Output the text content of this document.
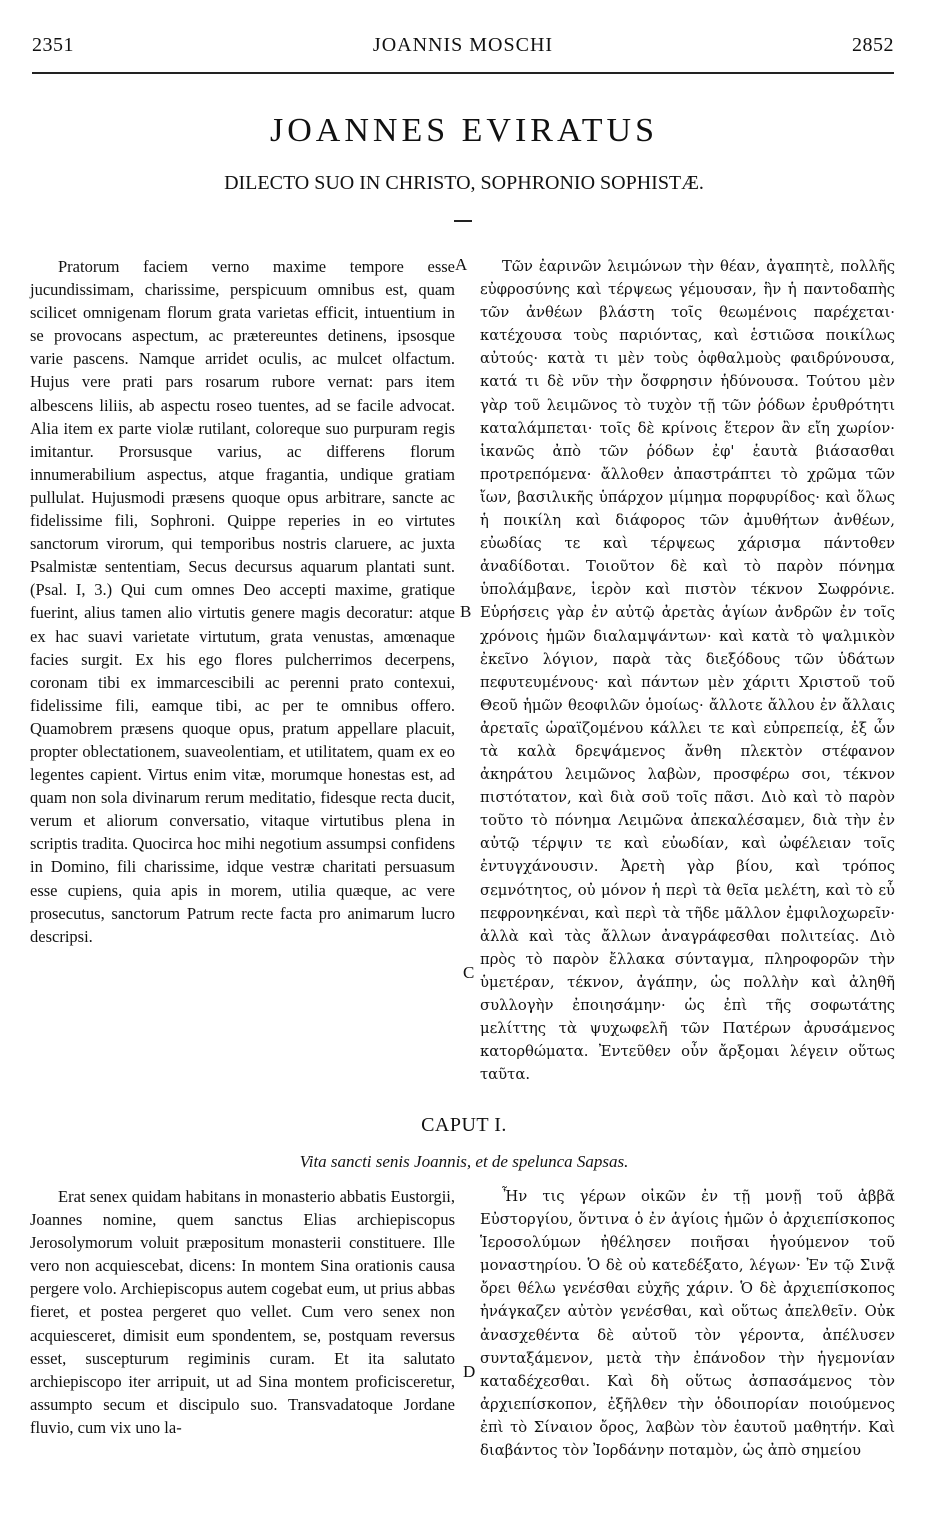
2351	JOANNIS MOSCHI	2852
JOANNES EVIRATUS
DILECTO SUO IN CHRISTO, SOPHRONIO SOPHISTÆ.

Pratorum faciem verno maxime tempore esse jucundissimam, charissime, perspicuum omnibus est, quam scilicet omnigenam florum grata varietas efficit, intuentium in se provocans aspectum, ac prætereuntes detinens, ipsosque varie pascens. Namque arridet oculis, ac mulcet olfactum. Hujus vere prati pars rosarum rubore vernat: pars item albescens liliis, ab aspectu roseo tuentes, ad se facile advocat. Alia item ex parte violæ rutilant, coloreque suo purpuram regis imitantur. Prorsusque varius, ac differens florum innumerabilium aspectus, atque fragantia, undique gratiam pullulat. Hujusmodi præsens quoque opus arbitrare, sancte ac fidelissime fili, Sophroni. Quippe reperies in eo virtutes sanctorum virorum, qui temporibus nostris claruere, ac juxta Psalmistæ sententiam, Secus decursus aquarum plantati sunt. (Psal. I, 3.) Qui cum omnes Deo accepti maxime, gratique fuerint, alius tamen alio virtutis genere magis decoratur: atque ex hac suavi varietate virtutum, grata venustas, amœnaque facies surgit. Ex his ego flores pulcherrimos decerpens, coronam tibi ex immarcescibili ac perenni prato contexui, fidelissime fili, eamque tibi, ac per te omnibus offero. Quamobrem præsens quoque opus, pratum appellare placuit, propter oblectationem, suaveolentiam, et utilitatem, quam ex eo legentes capient. Virtus enim vitæ, morumque honestas est, ad quam non sola divinarum rerum meditatio, fidesque recta ducit, verum et aliorum conversatio, vitaque virtutibus plena in scriptis tradita. Quocirca hoc mihi negotium assumpsi confidens in Domino, fili charissime, idque vestræ charitati persuasum esse cupiens, quia apis in morem, utilia quæque, ac vere prosecutus, sanctorum Patrum recte facta pro animarum lucro descripsi.

Τῶν ἐαρινῶν λειμώνων τὴν θέαν, ἀγαπητὲ, πολλῆς εὐφροσύνης καὶ τέρψεως γέμουσαν, ἣν ἡ παντοδαπὴς τῶν ἀνθέων βλάστη τοῖς θεωμένοις παρέχεται· κατέχουσα τοὺς παριόντας, καὶ ἑστιῶσα ποικίλως αὐτούς· κατὰ τι μὲν τοὺς ὀφθαλμοὺς φαιδρύνουσα, κατά τι δὲ νῦν τὴν ὄσφρησιν ἡδύνουσα. Τούτου μὲν γὰρ τοῦ λειμῶνος τὸ τυχὸν τῇ τῶν ῥόδων ἐρυθρότητι καταλάμπεται· τοῖς δὲ κρίνοις ἕτερον ἂν εἴη χωρίον· ἱκανῶς ἀπὸ τῶν ῥόδων ἐφ' ἑαυτὰ βιάσασθαι προτρεπόμενα· ἄλλοθεν ἀπαστράπτει τὸ χρῶμα τῶν ἴων, βασιλικῆς ὑπάρχον μίμημα πορφυρίδος· καὶ ὅλως ἡ ποικίλη καὶ διάφορος τῶν ἀμυθήτων ἀνθέων, εὐωδίας τε καὶ τέρψεως χάρισμα πάντοθεν ἀναδίδοται. Τοιοῦτον δὲ καὶ τὸ παρὸν πόνημα ὑπολάμβανε, ἱερὸν καὶ πιστὸν τέκνον Σωφρόνιε. Εὑρήσεις γὰρ ἐν αὐτῷ ἀρετὰς ἁγίων ἀνδρῶν ἐν τοῖς χρόνοις ἡμῶν διαλαμψάντων· καὶ κατὰ τὸ ψαλμικὸν ἐκεῖνο λόγιον, παρὰ τὰς διεξόδους τῶν ὑδάτων πεφυτευμένους· καὶ πάντων μὲν χάριτι Χριστοῦ τοῦ Θεοῦ ἡμῶν θεοφιλῶν ὁμοίως· ἄλλοτε ἄλλου ἐν ἄλλαις ἀρεταῖς ὡραϊζομένου κάλλει τε καὶ εὐπρεπείᾳ, ἐξ ὧν τὰ καλὰ δρεψάμενος ἄνθη πλεκτὸν στέφανον ἀκηράτου λειμῶνος λαβὼν, προσφέρω σοι, τέκνον πιστότατον, καὶ διὰ σοῦ τοῖς πᾶσι. Διὸ καὶ τὸ παρὸν τοῦτο τὸ πόνημα Λειμῶνα ἀπεκαλέσαμεν, διὰ τὴν ἐν αὐτῷ τέρψιν τε καὶ εὐωδίαν, καὶ ὠφέλειαν τοῖς ἐντυγχάνουσιν. Ἀρετὴ γὰρ βίου, καὶ τρόπος σεμνότητος, οὐ μόνον ἡ περὶ τὰ θεῖα μελέτη, καὶ τὸ εὖ πεφρονηκέναι, καὶ περὶ τὰ τῆδε μᾶλλον ἐμφιλοχωρεῖν· ἀλλὰ καὶ τὰς ἄλλων ἀναγράφεσθαι πολιτείας. Διὸ πρὸς τὸ παρὸν ἔλλακα σύνταγμα, πληροφορῶν τὴν ὑμετέραν, τέκνον, ἀγάπην, ὡς πολλὴν καὶ ἀληθῆ συλλογὴν ἐποιησάμην· ὡς ἐπὶ τῆς σοφωτάτης μελίττης τὰ ψυχωφελῆ τῶν Πατέρων ἀρυσάμενος κατορθώματα. Ἐντεῦθεν οὖν ἄρξομαι λέγειν οὕτως ταῦτα.

A
B
C
D
CAPUT I.
Vita sancti senis Joannis, et de spelunca Sapsas.

Erat senex quidam habitans in monasterio abbatis Eustorgii, Joannes nomine, quem sanctus Elias archiepiscopus Jerosolymorum voluit præpositum monasterii constituere. Ille vero non acquiescebat, dicens: In montem Sina orationis causa pergere volo. Archiepiscopus autem cogebat eum, ut prius abbas fieret, et postea pergeret quo vellet. Cum vero senex non acquiesceret, dimisit eum spondentem, se, postquam reversus esset, suscepturum regiminis curam. Et ita salutato archiepiscopo iter arripuit, ut ad Sina montem proficisceretur, assumpto secum et discipulo suo. Transvadatoque Jordane fluvio, cum vix uno la-

Ἦν τις γέρων οἰκῶν ἐν τῇ μονῇ τοῦ ἀββᾶ Εὐστοργίου, ὅντινα ὁ ἐν ἁγίοις ἡμῶν ὁ ἀρχιεπίσκοπος Ἱεροσολύμων ἠθέλησεν ποιῆσαι ἡγούμενον τοῦ μοναστηρίου. Ὁ δὲ οὐ κατεδέξατο, λέγων· Ἐν τῷ Σινᾷ ὄρει θέλω γενέσθαι εὐχῆς χάριν. Ὁ δὲ ἀρχιεπίσκοπος ἠνάγκαζεν αὐτὸν γενέσθαι, καὶ οὕτως ἀπελθεῖν. Οὐκ ἀνασχεθέντα δὲ αὐτοῦ τὸν γέροντα, ἀπέλυσεν συνταξάμενον, μετὰ τὴν ἐπάνοδον τὴν ἡγεμονίαν καταδέχεσθαι. Καὶ δὴ οὕτως ἀσπασάμενος τὸν ἀρχιεπίσκοπον, ἐξῆλθεν τὴν ὁδοιπορίαν ποιούμενος ἐπὶ τὸ Σίναιον ὄρος, λαβὼν τὸν ἑαυτοῦ μαθητήν. Καὶ διαβάντος τὸν Ἰορδάνην ποταμὸν, ὡς ἀπὸ σημείου
